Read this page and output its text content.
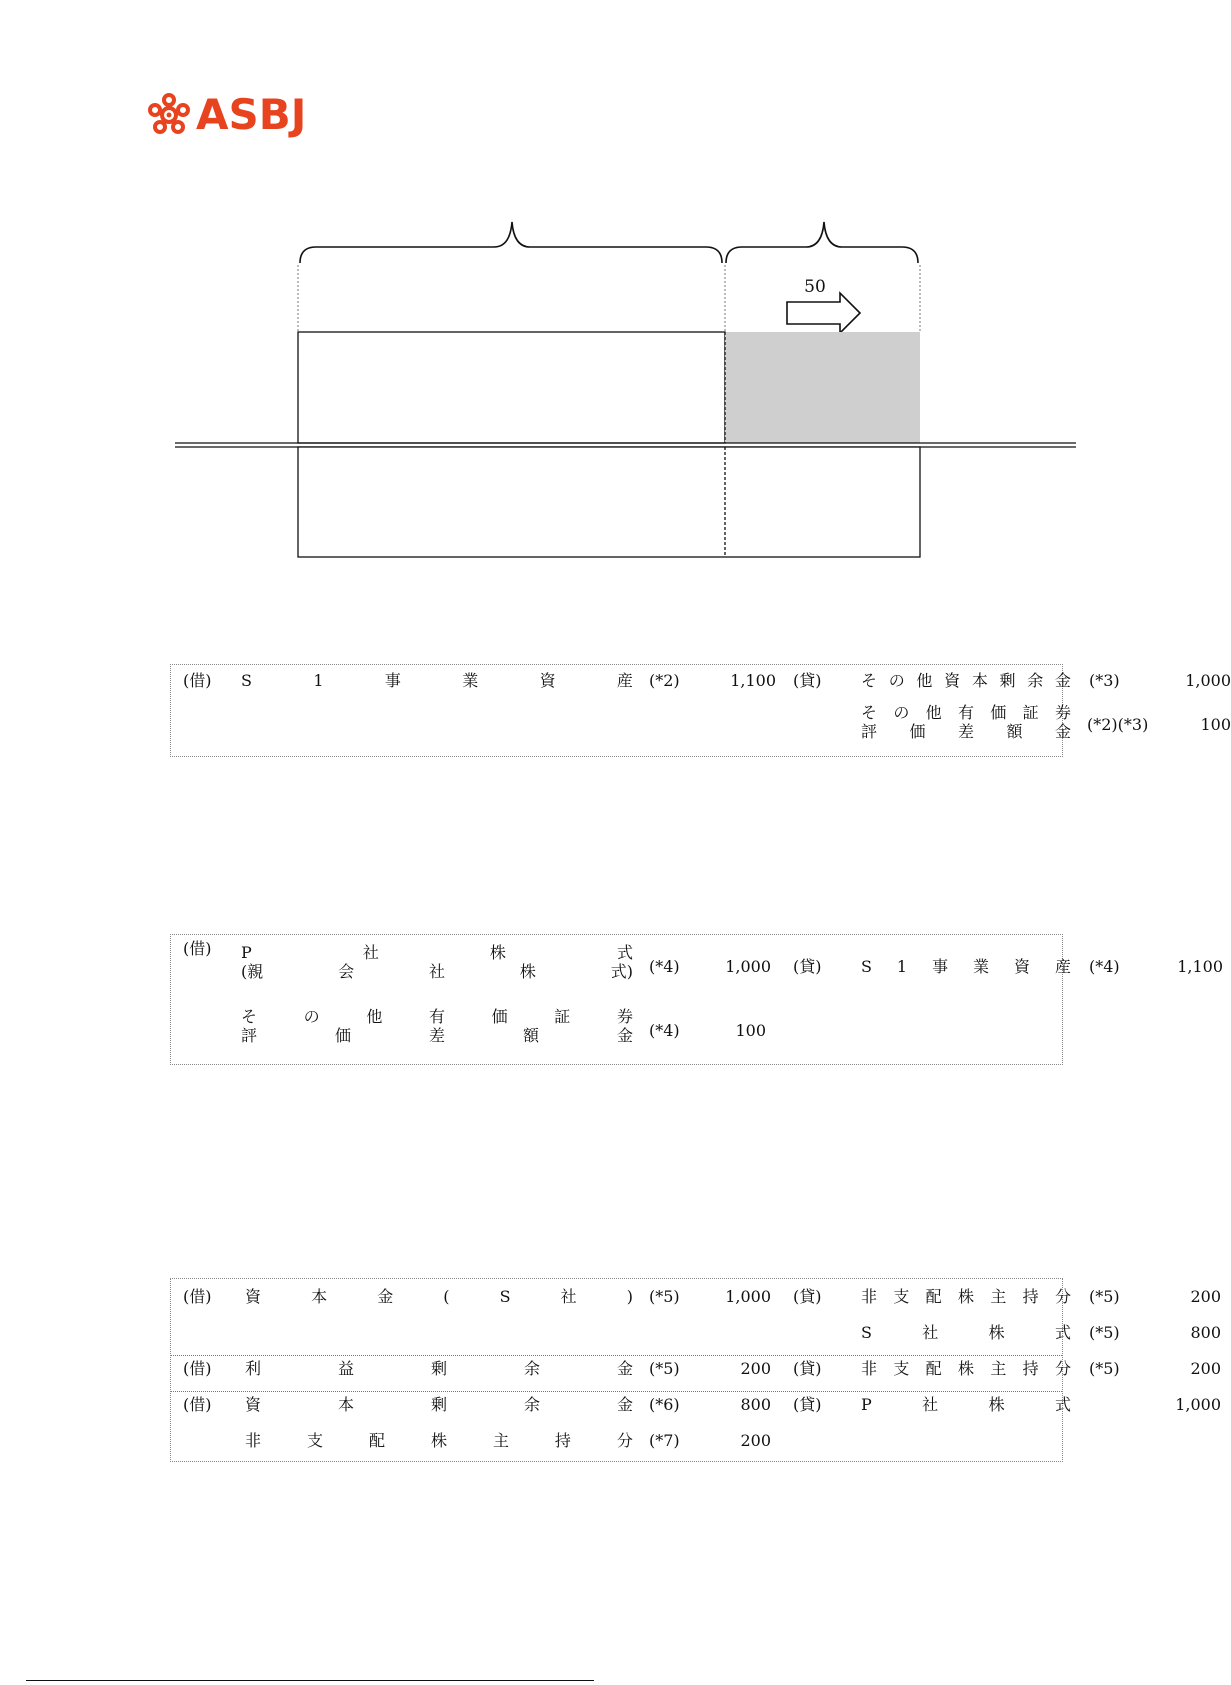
ASBJ
50
(借) S	1	事	業	資	産 (*2)	1,100 (貸) そ の 他 資 本 剰 余 金 (*3)	1,000
そ の 他 有 価 証 券
評 価 差 額 金 (*2)(*3)	100
(借) P	社	株	式
(親	会	社	株	式) (*4)	1,000 (貸) S 1 事 業 資 産 (*4)	1,100
そ	の	他	有	価	証	券
評	価	差	額	金 (*4)	100
(借) 資	本	金	(	S	社	) (*5)	1,000 (貸) 非 支 配 株 主 持 分 (*5)	200
S	社	株	式 (*5)	800
(借) 利	益	剰	余	金 (*5)	200 (貸) 非 支 配 株 主 持 分 (*5)	200
(借) 資	本	剰	余	金 (*6)	800 (貸) P	社	株	式	1,000
非	支	配	株	主	持	分 (*7)	200
